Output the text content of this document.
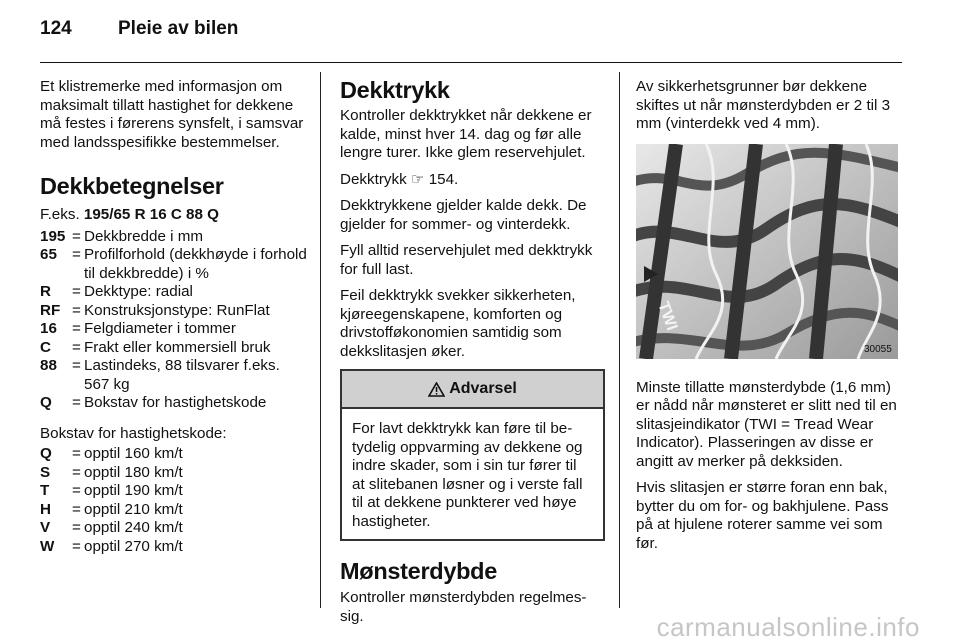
124 Pleie av bilen

Et klistremerke med informasjon om maksimalt tillatt hastighet for dekkene må festes i førerens synsfelt, i samsvar med landsspesifikke bestemmelser.

Dekkbetegnelser

F.eks. 195/65 R 16 C 88 Q

195 = Dekkbredde i mm
65 = Profilforhold (dekkhøyde i forhold til dekkbredde) i %
R	= Dekktype: radial
RF = Konstruksjonstype: RunFlat
16 = Felgdiameter i tommer
C	= Frakt eller kommersiell bruk
88 = Lastindeks, 88 tilsvarer f.eks. 567 kg
Q	= Bokstav for hastighetskode

Bokstav for hastighetskode:

Q	= opptil 160 km/t
S	= opptil 180 km/t
T	= opptil 190 km/t
H	= opptil 210 km/t
V	= opptil 240 km/t
W	= opptil 270 km/t
Dekktrykk

Kontroller dekktrykket når dekkene er kalde, minst hver 14. dag og før alle lengre turer. Ikke glem reservehjulet.

Dekktrykk ☞ 154.

Dekktrykkene gjelder kalde dekk. De gjelder for sommer- og vinterdekk.

Fyll alltid reservehjulet med dekktrykk for full last.

Feil dekktrykk svekker sikkerheten, kjøreegenskapene, komforten og drivstofføkonomien samtidig som dekkslitasjen øker.

Advarsel
For lavt dekktrykk kan føre til betydelig oppvarming av dekkene og indre skader, som i sin tur fører til at slitebanen løsner og i verste fall til at dekkene punkterer ved høye hastigheter.
Mønsterdybde

Kontroller mønsterdybden regelmessig.

Av sikkerhetsgrunner bør dekkene skiftes ut når mønsterdybden er 2 til 3 mm (vinterdekk ved 4 mm).

TWI
30055

Minste tillatte mønsterdybde (1,6 mm) er nådd når mønsteret er slitt ned til en slitasjeindikator (TWI = Tread Wear Indicator). Plasseringen av disse er angitt av merker på dekksiden.

Hvis slitasjen er større foran enn bak, bytter du om for- og bakhjulene. Pass på at hjulene roterer samme vei som før.

carmanualsonline.info
